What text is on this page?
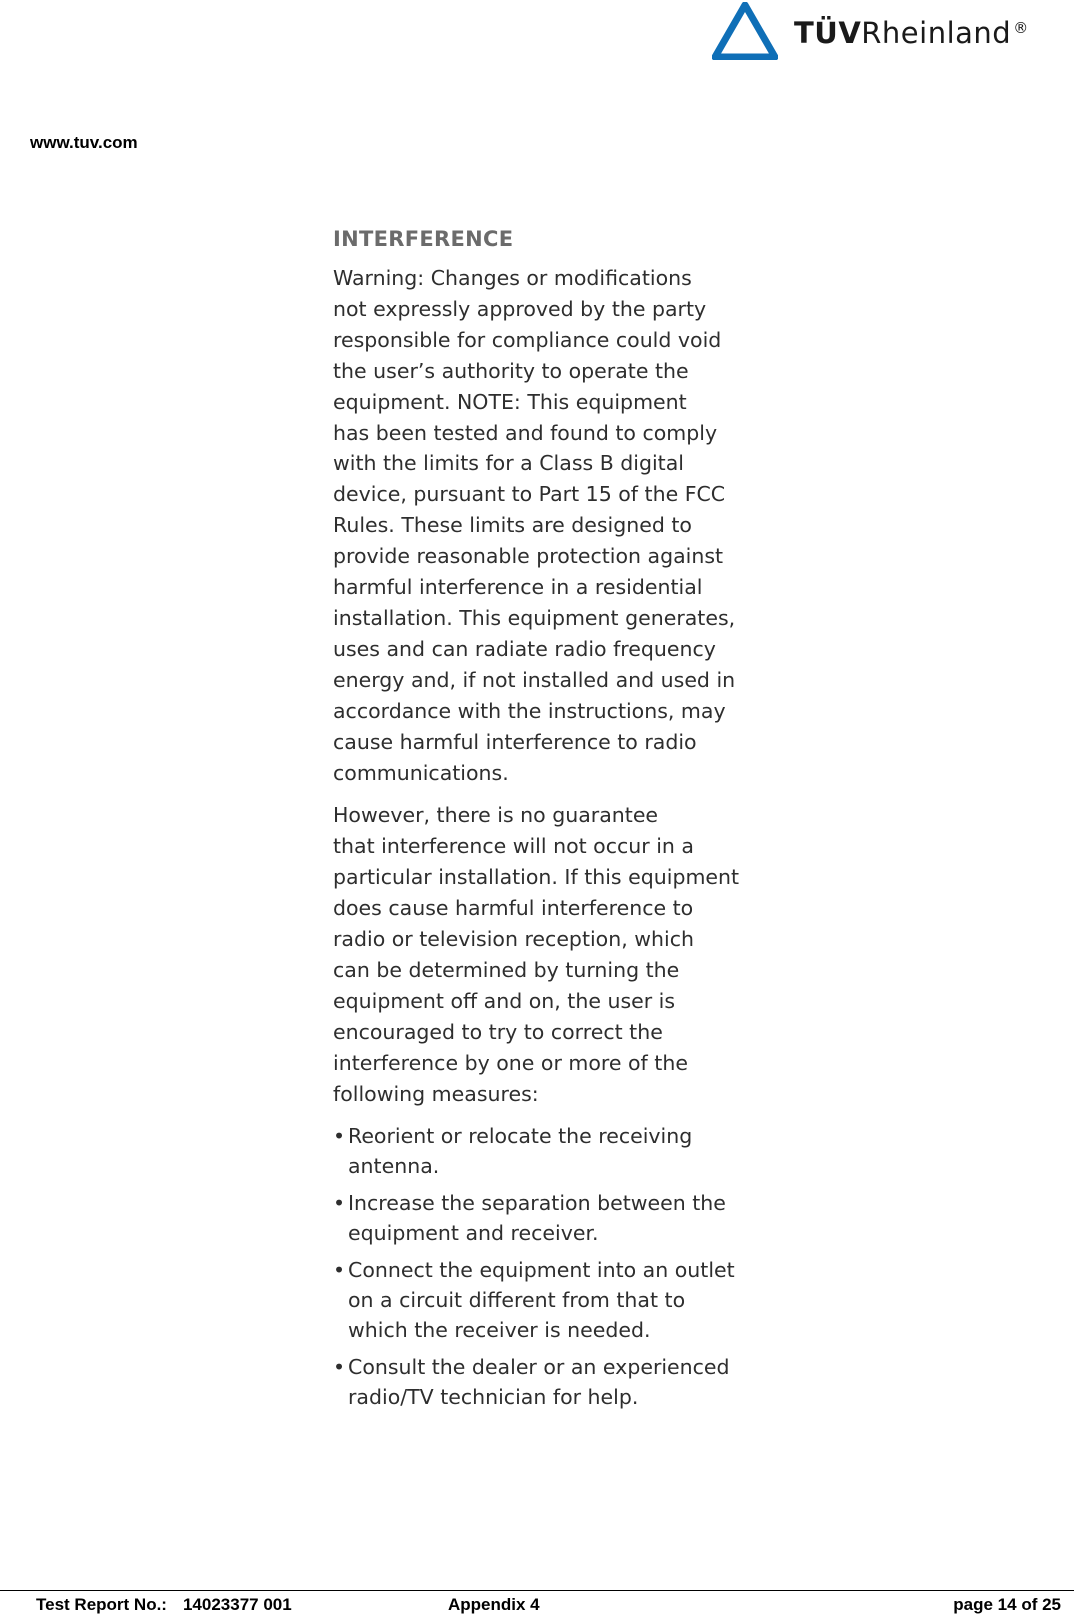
TÜVRheinland ®
www.tuv.com
INTERFERENCE

Warning: Changes or modiﬁcations
not expressly approved by the party
responsible for compliance could void
the user’s authority to operate the
equipment. NOTE: This equipment
has been tested and found to comply
with the limits for a Class B digital
device, pursuant to Part 15 of the FCC
Rules. These limits are designed to
provide reasonable protection against
harmful interference in a residential
installation. This equipment generates,
uses and can radiate radio frequency
energy and, if not installed and used in
accordance with the instructions, may
cause harmful interference to radio
communications.

However, there is no guarantee
that interference will not occur in a
particular installation. If this equipment
does cause harmful interference to
radio or television reception, which
can be determined by turning the
equipment oﬀ and on, the user is
encouraged to try to correct the
interference by one or more of the
following measures:

• Reorient or relocate the receiving
antenna.
• Increase the separation between the
equipment and receiver.
• Connect the equipment into an outlet
on a circuit diﬀerent from that to
which the receiver is needed.
• Consult the dealer or an experienced
radio/TV technician for help.
Test Report No.: 14023377 001	Appendix 4	page 14 of 25
